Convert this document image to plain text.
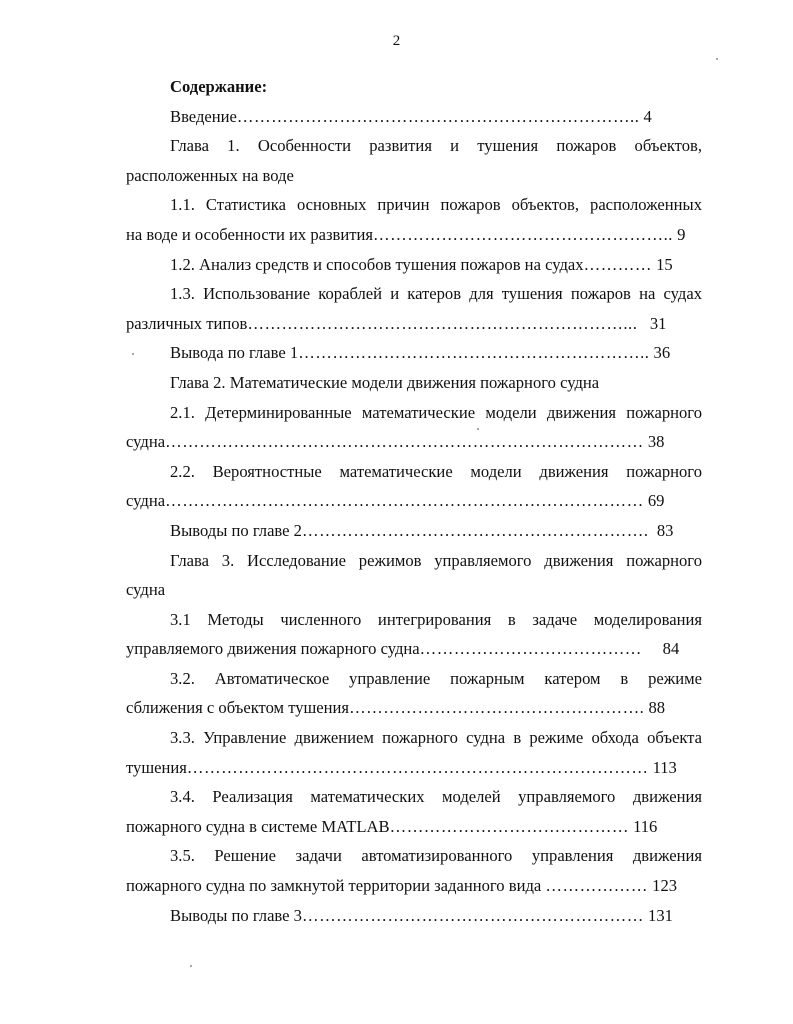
2
Содержание:
Введение…………………………………………………………….. 4
Глава 1. Особенности развития и тушения пожаров объектов,
расположенных на воде
1.1. Статистика основных причин пожаров объектов, расположенных
на воде и особенности их развития…………………………………………….. 9
1.2. Анализ средств и способов тушения пожаров на судах………… 15
1.3. Использование кораблей и катеров для тушения пожаров на судах
различных типов…………………………………………………………... 31
Вывода по главе 1…………………………………………………….. 36
Глава 2. Математические модели движения пожарного судна
2.1. Детерминированные математические модели движения пожарного
судна………………………………………………………………………… 38
2.2. Вероятностные математические модели движения пожарного
судна………………………………………………………………………… 69
Выводы по главе 2……………………………………………………. 83
Глава 3. Исследование режимов управляемого движения пожарного
судна
3.1 Методы численного интегрирования в задаче моделирования
управляемого движения пожарного судна………………………………… 84
3.2. Автоматическое управление пожарным катером в режиме
сближения с объектом тушения……………………………………………. 88
3.3. Управление движением пожарного судна в режиме обхода объекта
тушения……………………………………………………………………… 113
3.4. Реализация математических моделей управляемого движения
пожарного судна в системе MATLAB…………………………………… 116
3.5. Решение задачи автоматизированного управления движения
пожарного судна по замкнутой территории заданного вида ……………… 123
Выводы по главе 3…………………………………………………… 131
